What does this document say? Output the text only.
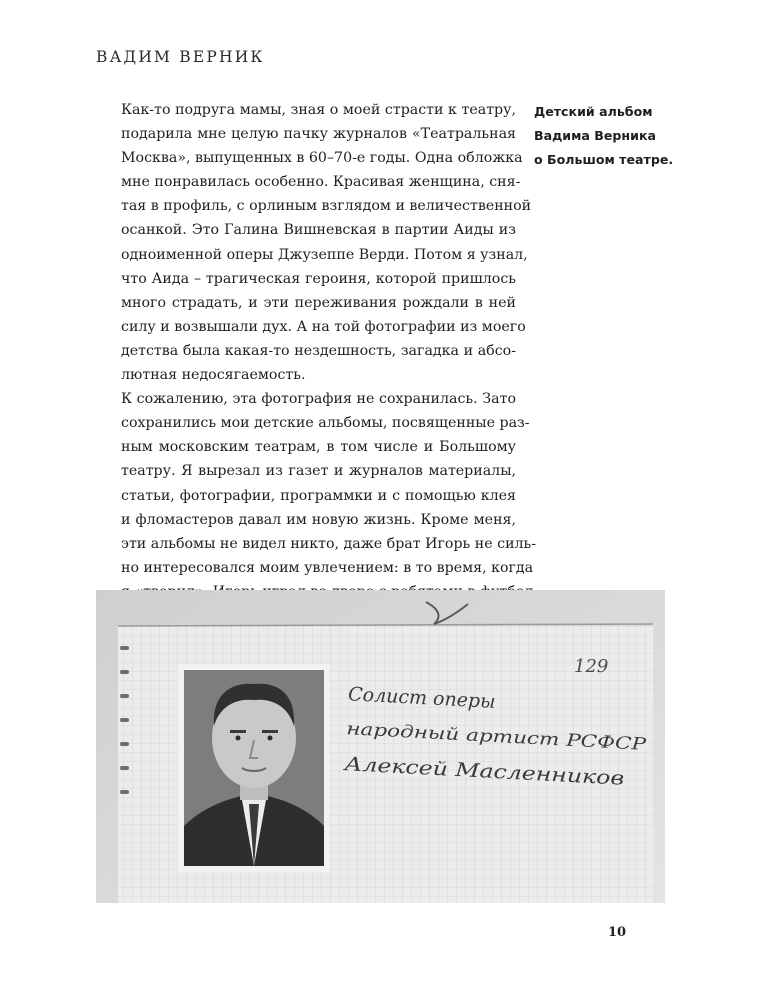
ВАДИМ ВЕРНИК

Как-то подруга мамы, зная о моей страсти к театру,
подарила мне целую пачку журналов «Театральная
Москва», выпущенных в 60–70-е годы. Одна обложка
мне понравилась особенно. Красивая женщина, сня-
тая в профиль, с орлиным взглядом и величественной
осанкой. Это Галина Вишневская в партии Аиды из
одноименной оперы Джузеппе Верди. Потом я узнал,
что Аида – трагическая героиня, которой пришлось
много страдать, и эти переживания рождали в ней
силу и возвышали дух. А на той фотографии из моего
детства была какая-то нездешность, загадка и абсо-
лютная недосягаемость.

К сожалению, эта фотография не сохранилась. Зато
сохранились мои детские альбомы, посвященные раз-
ным московским театрам, в том числе и Большому
театру. Я вырезал из газет и журналов материалы,
статьи, фотографии, программки и с помощью клея
и фломастеров давал им новую жизнь. Кроме меня,
эти альбомы не видел никто, даже брат Игорь не силь-
но интересовался моим увлечением: в то время, когда

Детский альбом
Вадима Верника
о Большом театре.
129
Солист оперы
народный артист РСФСР
Алексей Масленников
10
